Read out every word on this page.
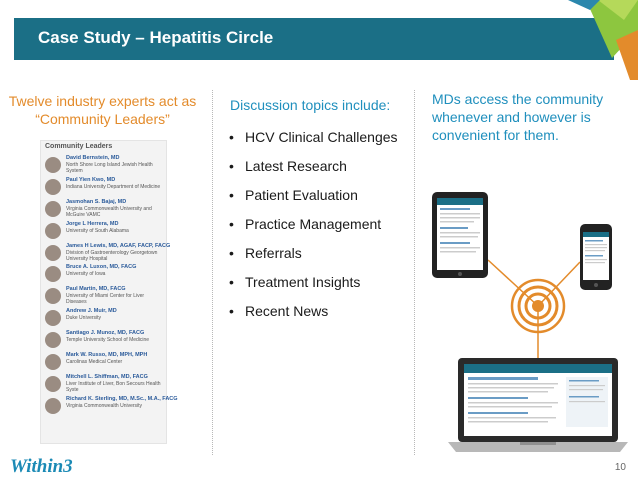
Case Study – Hepatitis Circle
Twelve industry experts act as “Community Leaders”
Community Leaders
David Bernstein, MD
North Shore Long Island Jewish Health System
Paul Yien Kwo, MD
Indiana University Department of Medicine
Jasmohan S. Bajaj, MD
Virginia Commonwealth University and McGuire VAMC
Jorge L Herrera, MD
University of South Alabama
James H Lewis, MD, AGAF, FACP, FACG
Division of Gastroenterology Georgetown University Hospital
Bruce A. Luxon, MD, FACG
University of Iowa
Paul Martin, MD, FACG
University of Miami Center for Liver Diseases
Andrew J. Muir, MD
Duke University
Santiago J. Munoz, MD, FACG
Temple University School of Medicine
Mark W. Russo, MD, MPH, MPH
Carolinas Medical Center
Mitchell L. Shiffman, MD, FACG
Liver Institute of Liver, Bon Secours Health Syste
Richard K. Sterling, MD, M.Sc., M.A., FACG
Virginia Commonwealth University
Discussion topics include:
• HCV Clinical Challenges
• Latest Research
• Patient Evaluation
• Practice Management
• Referrals
• Treatment Insights
• Recent News
MDs access the community whenever and however is convenient for them.
Within3	10
